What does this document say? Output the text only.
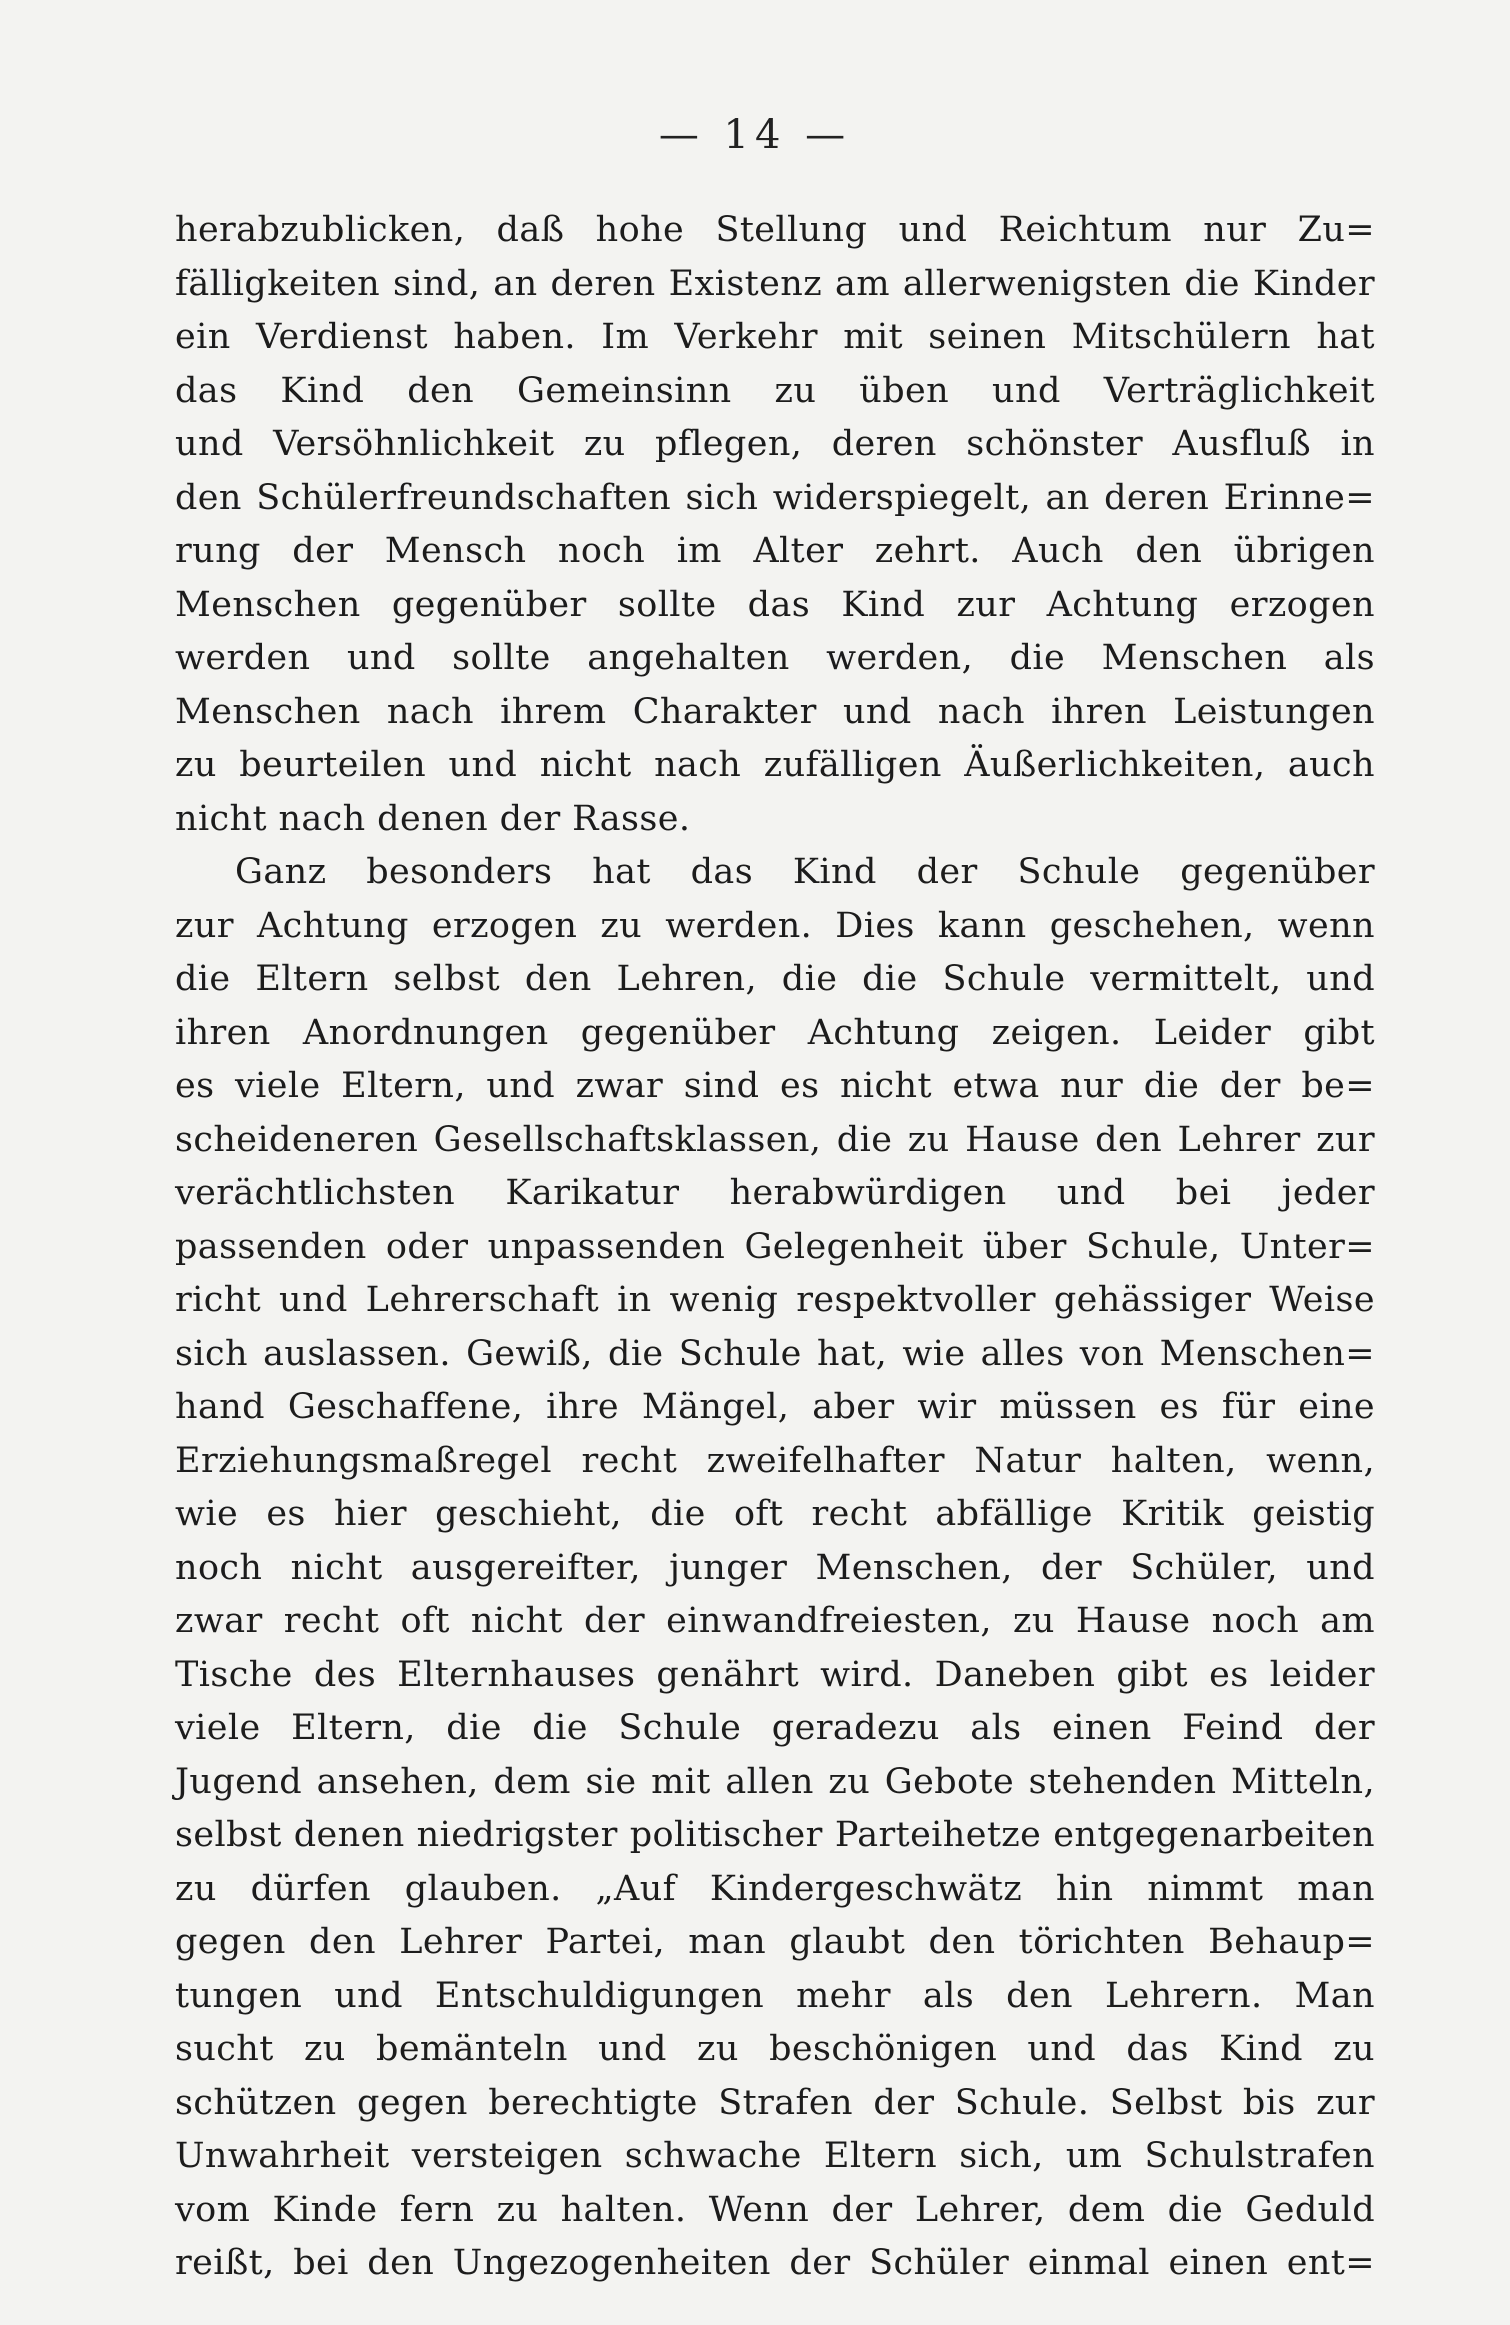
— 14 —
herabzublicken, daß hohe Stellung und Reichtum nur Zu=
fälligkeiten sind, an deren Existenz am allerwenigsten die Kinder
ein Verdienst haben. Im Verkehr mit seinen Mitschülern hat
das Kind den Gemeinsinn zu üben und Verträglichkeit
und Versöhnlichkeit zu pflegen, deren schönster Ausfluß in
den Schülerfreundschaften sich widerspiegelt, an deren Erinne=
rung der Mensch noch im Alter zehrt. Auch den übrigen
Menschen gegenüber sollte das Kind zur Achtung erzogen
werden und sollte angehalten werden, die Menschen als
Menschen nach ihrem Charakter und nach ihren Leistungen
zu beurteilen und nicht nach zufälligen Äußerlichkeiten, auch
nicht nach denen der Rasse.
Ganz besonders hat das Kind der Schule gegenüber
zur Achtung erzogen zu werden. Dies kann geschehen, wenn
die Eltern selbst den Lehren, die die Schule vermittelt, und
ihren Anordnungen gegenüber Achtung zeigen. Leider gibt
es viele Eltern, und zwar sind es nicht etwa nur die der be=
scheideneren Gesellschaftsklassen, die zu Hause den Lehrer zur
verächtlichsten Karikatur herabwürdigen und bei jeder
passenden oder unpassenden Gelegenheit über Schule, Unter=
richt und Lehrerschaft in wenig respektvoller gehässiger Weise
sich auslassen. Gewiß, die Schule hat, wie alles von Menschen=
hand Geschaffene, ihre Mängel, aber wir müssen es für eine
Erziehungsmaßregel recht zweifelhafter Natur halten, wenn,
wie es hier geschieht, die oft recht abfällige Kritik geistig
noch nicht ausgereifter, junger Menschen, der Schüler, und
zwar recht oft nicht der einwandfreiesten, zu Hause noch am
Tische des Elternhauses genährt wird. Daneben gibt es leider
viele Eltern, die die Schule geradezu als einen Feind der
Jugend ansehen, dem sie mit allen zu Gebote stehenden Mitteln,
selbst denen niedrigster politischer Parteihetze entgegenarbeiten
zu dürfen glauben. „Auf Kindergeschwätz hin nimmt man
gegen den Lehrer Partei, man glaubt den törichten Behaup=
tungen und Entschuldigungen mehr als den Lehrern. Man
sucht zu bemänteln und zu beschönigen und das Kind zu
schützen gegen berechtigte Strafen der Schule. Selbst bis zur
Unwahrheit versteigen schwache Eltern sich, um Schulstrafen
vom Kinde fern zu halten. Wenn der Lehrer, dem die Geduld
reißt, bei den Ungezogenheiten der Schüler einmal einen ent=
